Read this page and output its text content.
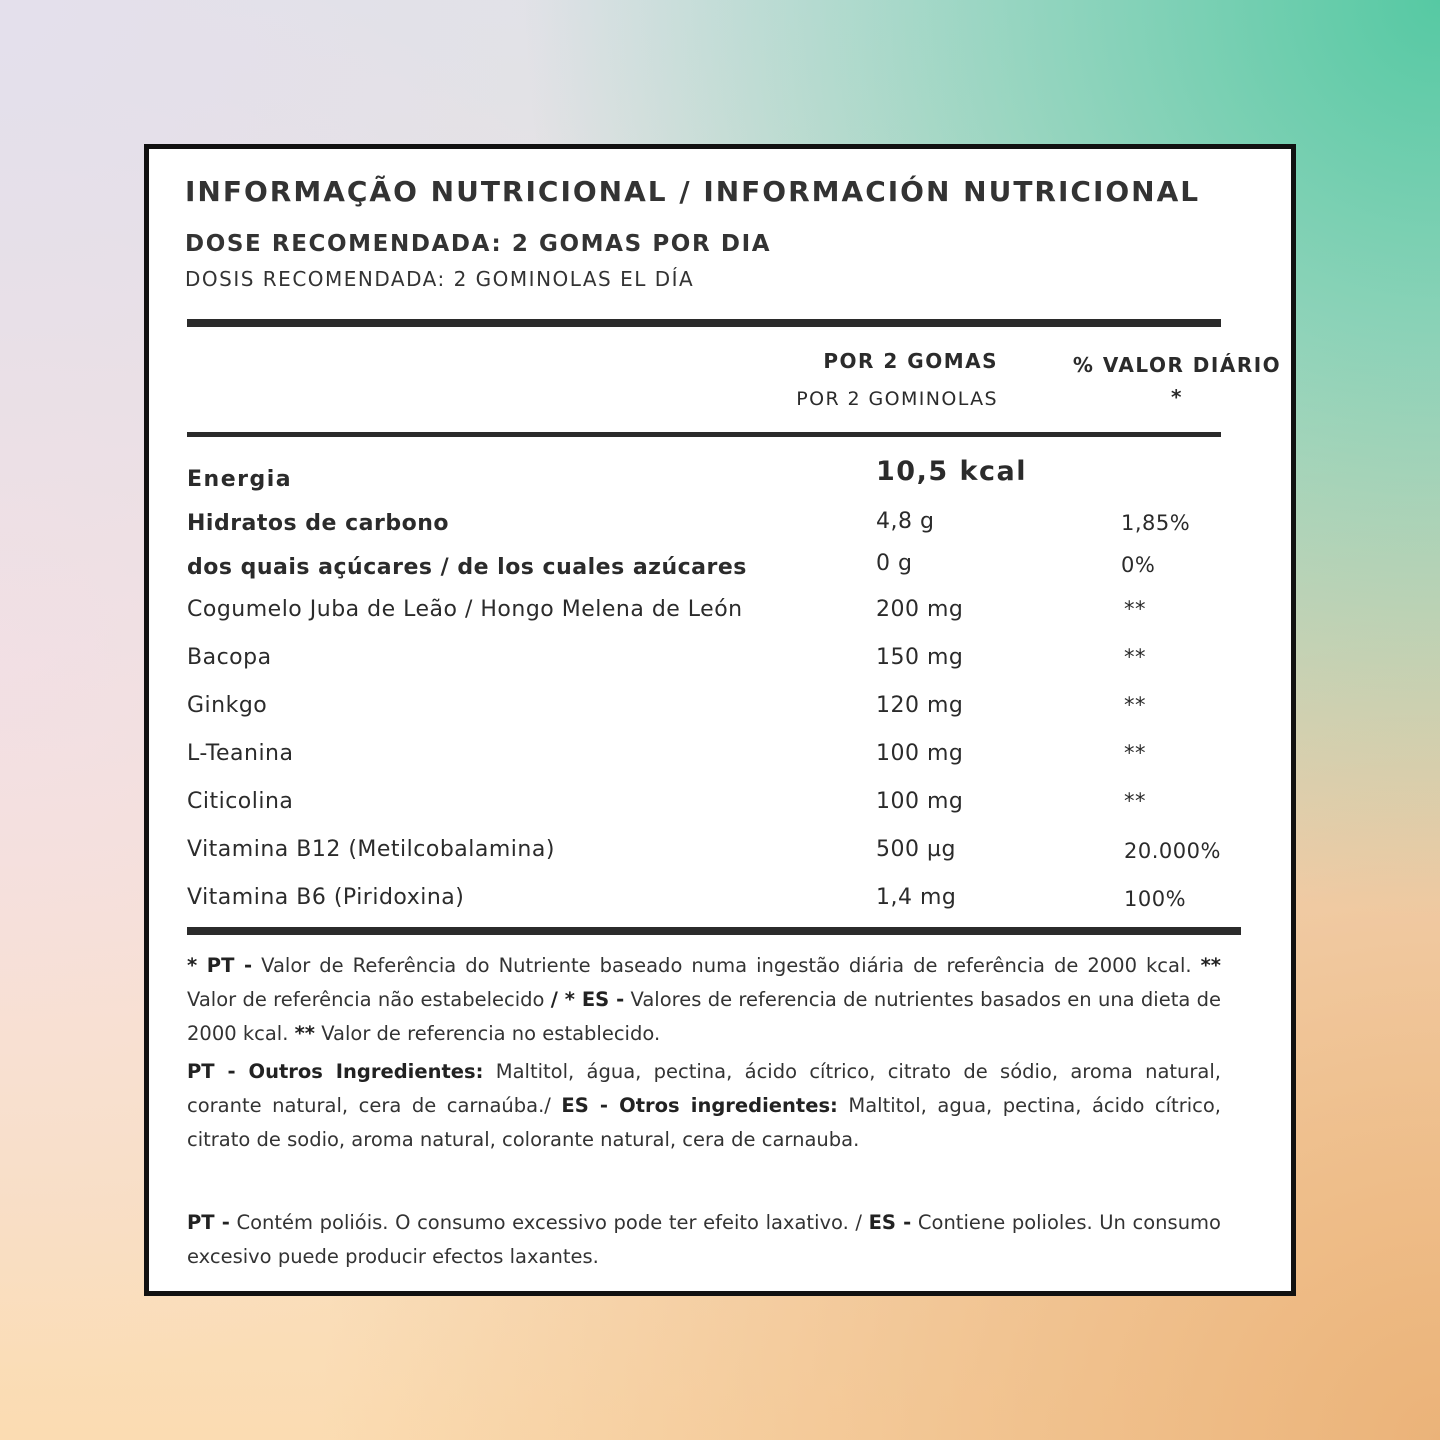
INFORMAÇÃO NUTRICIONAL / INFORMACIÓN NUTRICIONAL
DOSE RECOMENDADA: 2 GOMAS POR DIA
DOSIS RECOMENDADA: 2 GOMINOLAS EL DÍA
POR 2 GOMAS
POR 2 GOMINOLAS
% VALOR DIÁRIO *
Energia	10,5 kcal
Hidratos de carbono	4,8 g	1,85%
dos quais açúcares / de los cuales azúcares	0 g	0%
Cogumelo Juba de Leão / Hongo Melena de León	200 mg	**
Bacopa	150 mg	**
Ginkgo	120 mg	**
L-Teanina	100 mg	**
Citicolina	100 mg	**
Vitamina B12 (Metilcobalamina)	500 µg	20.000%
Vitamina B6 (Piridoxina)	1,4 mg	100%
* PT - Valor de Referência do Nutriente baseado numa ingestão diária de referência de 2000 kcal. ** Valor de referência não estabelecido / * ES - Valores de referencia de nutrientes basados en una dieta de 2000 kcal. ** Valor de referencia no establecido.
PT - Outros Ingredientes: Maltitol, água, pectina, ácido cítrico, citrato de sódio, aroma natural, corante natural, cera de carnaúba./ ES - Otros ingredientes: Maltitol, agua, pectina, ácido cítrico, citrato de sodio, aroma natural, colorante natural, cera de carnauba.
PT - Contém polióis. O consumo excessivo pode ter efeito laxativo. / ES - Contiene polioles. Un consumo excesivo puede producir efectos laxantes.
